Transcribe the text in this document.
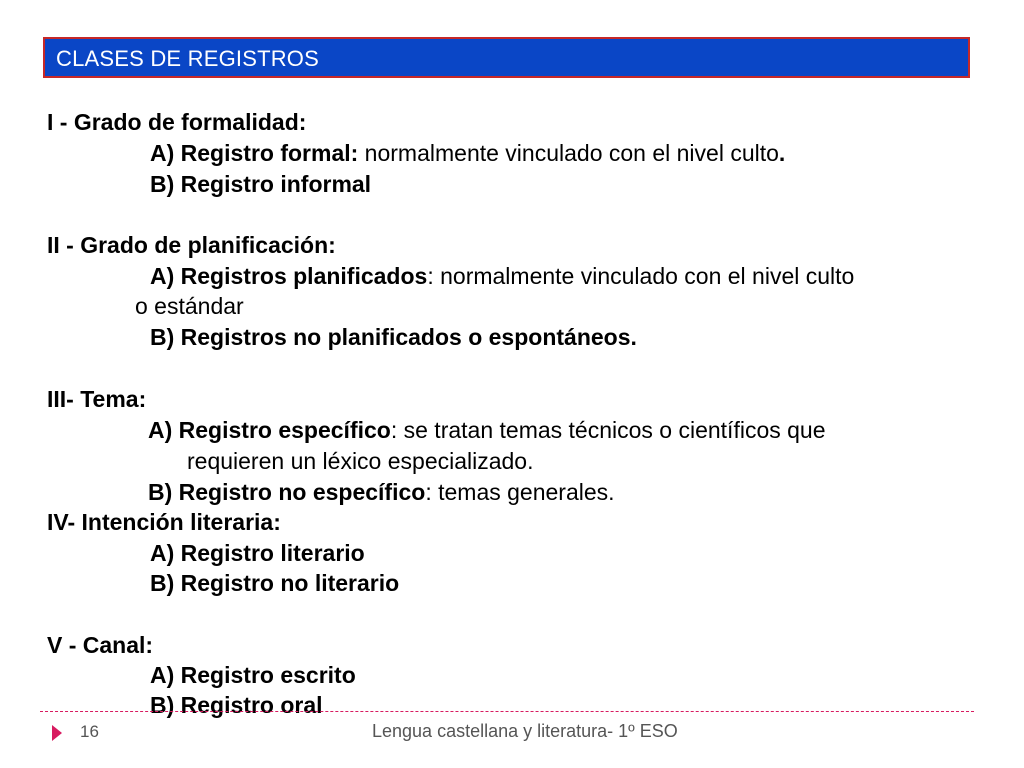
CLASES DE REGISTROS
I - Grado de formalidad:
A) Registro formal: normalmente vinculado con el nivel culto.
B) Registro informal
II - Grado de planificación:
A) Registros planificados: normalmente vinculado con el nivel culto
o estándar
B) Registros no planificados o espontáneos.
III- Tema:
A) Registro específico: se tratan temas técnicos o científicos que
requieren un léxico especializado.
B) Registro no específico: temas generales.
IV- Intención literaria:
A) Registro literario
B) Registro no literario
V - Canal:
A) Registro escrito
B) Registro oral
16	Lengua castellana y literatura- 1º ESO
